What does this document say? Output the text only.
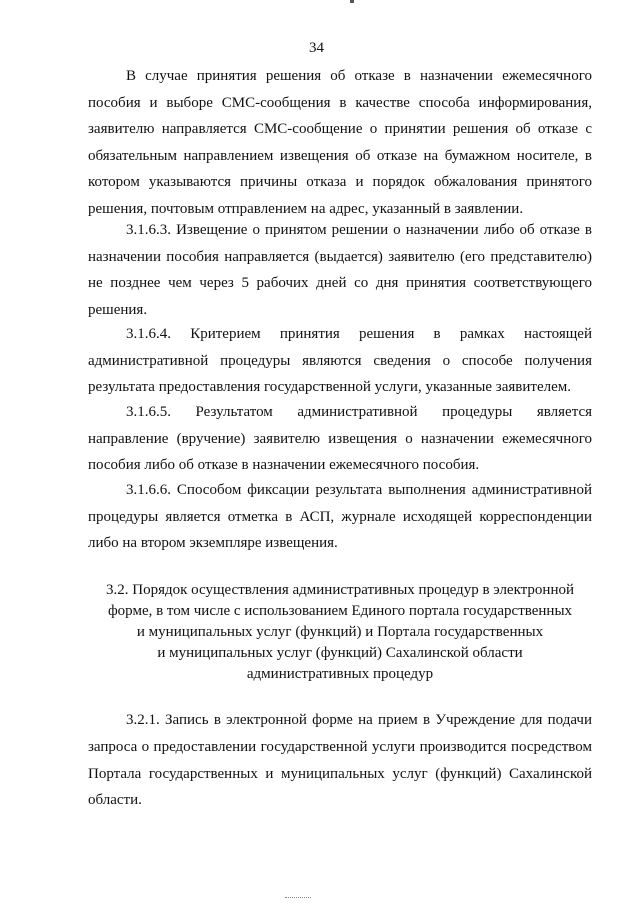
34

В случае принятия решения об отказе в назначении ежемесячного пособия и выборе СМС-сообщения в качестве способа информирования, заявителю направляется СМС-сообщение о принятии решения об отказе с обязательным направлением извещения об отказе на бумажном носителе, в котором указываются причины отказа и порядок обжалования принятого решения, почтовым отправлением на адрес, указанный в заявлении.

3.1.6.3. Извещение о принятом решении о назначении либо об отказе в назначении пособия направляется (выдается) заявителю (его представителю) не позднее чем через 5 рабочих дней со дня принятия соответствующего решения.

3.1.6.4. Критерием принятия решения в рамках настоящей административной процедуры являются сведения о способе получения результата предоставления государственной услуги, указанные заявителем.

3.1.6.5. Результатом административной процедуры является направление (вручение) заявителю извещения о назначении ежемесячного пособия либо об отказе в назначении ежемесячного пособия.

3.1.6.6. Способом фиксации результата выполнения административной процедуры является отметка в АСП, журнале исходящей корреспонденции либо на втором экземпляре извещения.

3.2. Порядок осуществления административных процедур в электронной
форме, в том числе с использованием Единого портала государственных
и муниципальных услуг (функций) и Портала государственных
и муниципальных услуг (функций) Сахалинской области
административных процедур

3.2.1. Запись в электронной форме на прием в Учреждение для подачи запроса о предоставлении государственной услуги производится посредством Портала государственных и муниципальных услуг (функций) Сахалинской области.
